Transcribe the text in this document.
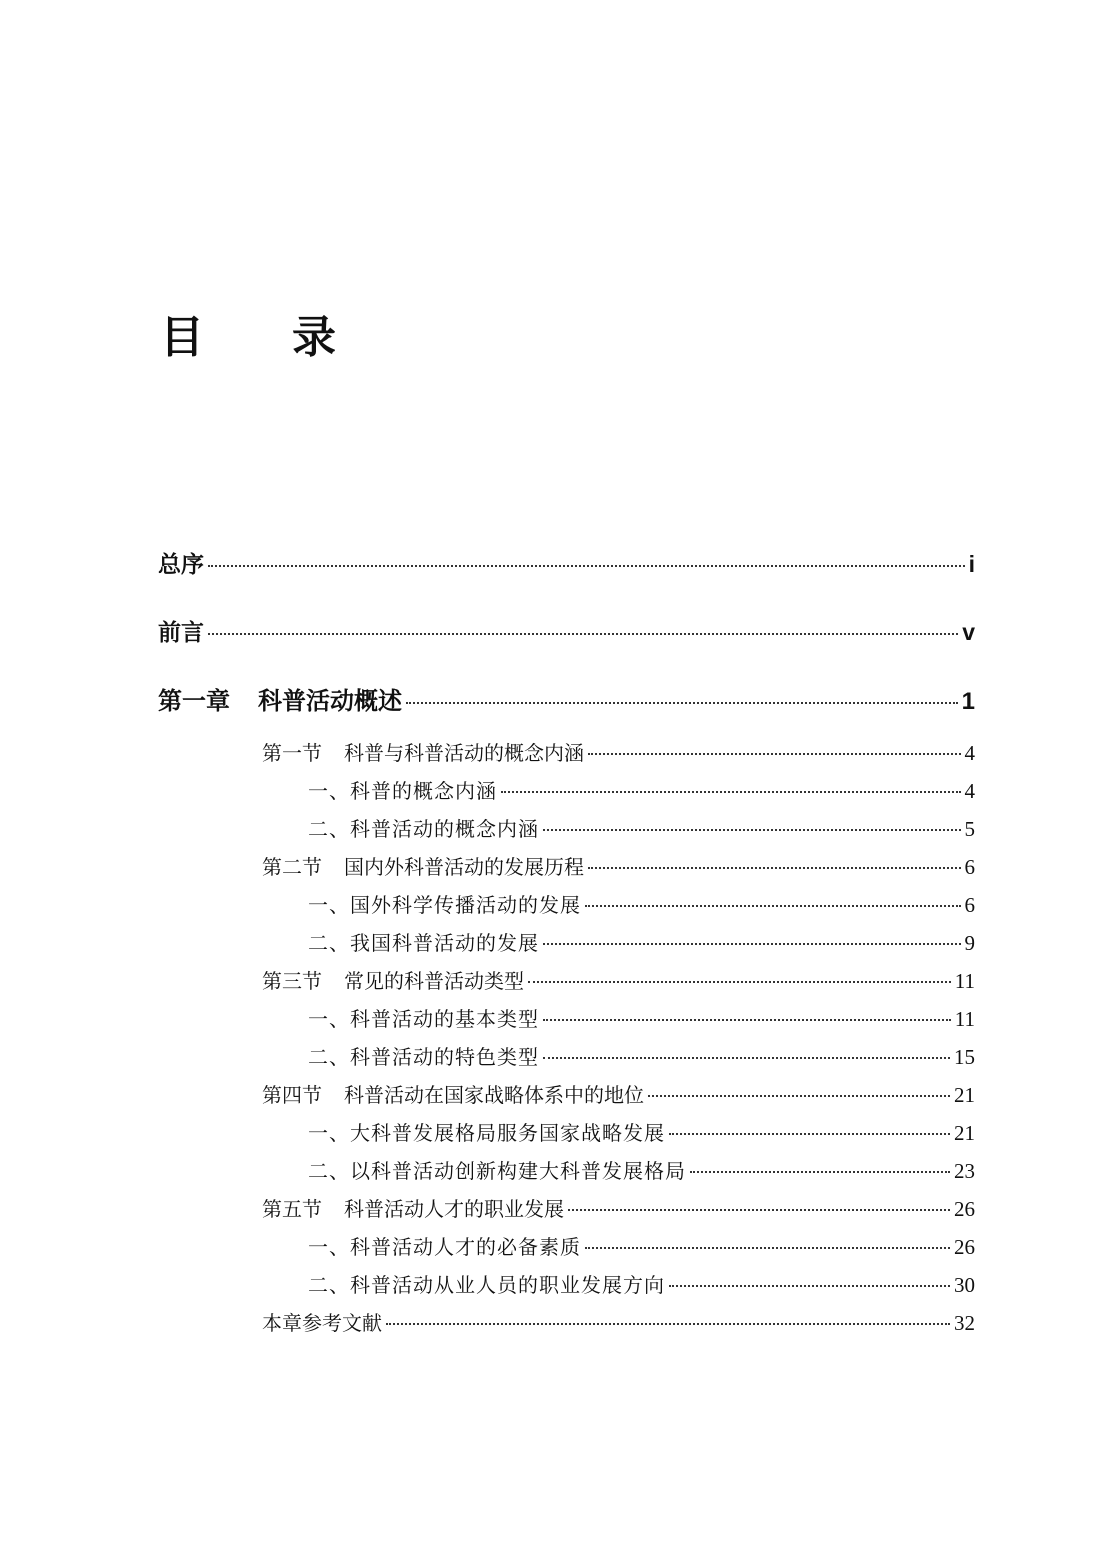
目 录
总序	i
前言	v
第一章 科普活动概述	1
第一节 科普与科普活动的概念内涵	4
一、科普的概念内涵	4
二、科普活动的概念内涵	5
第二节 国内外科普活动的发展历程	6
一、国外科学传播活动的发展	6
二、我国科普活动的发展	9
第三节 常见的科普活动类型	11
一、科普活动的基本类型	11
二、科普活动的特色类型	15
第四节 科普活动在国家战略体系中的地位	21
一、大科普发展格局服务国家战略发展	21
二、以科普活动创新构建大科普发展格局	23
第五节 科普活动人才的职业发展	26
一、科普活动人才的必备素质	26
二、科普活动从业人员的职业发展方向	30
本章参考文献	32
